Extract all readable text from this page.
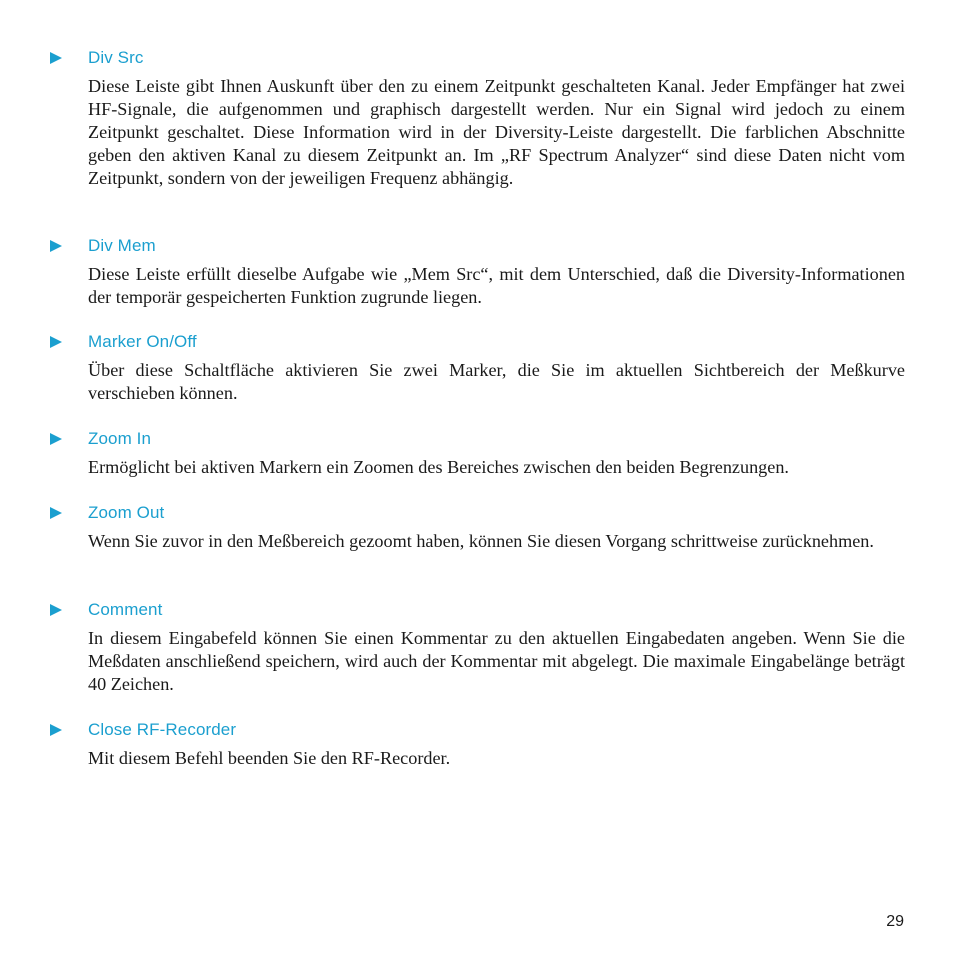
Div Src
Diese Leiste gibt Ihnen Auskunft über den zu einem Zeitpunkt geschalteten Kanal. Jeder Empfänger hat zwei HF-Signale, die aufgenommen und graphisch dargestellt werden. Nur ein Signal wird jedoch zu einem Zeitpunkt geschaltet. Diese Information wird in der Diversity-Leiste dargestellt. Die farblichen Abschnitte geben den aktiven Kanal zu diesem Zeitpunkt an. Im „RF Spectrum Analyzer“ sind diese Daten nicht vom Zeitpunkt, sondern von der jeweiligen Frequenz abhängig.
Div Mem
Diese Leiste erfüllt dieselbe Aufgabe wie „Mem Src“, mit dem Unterschied, daß die Diversity-Informationen der temporär gespeicherten Funktion zugrunde liegen.
Marker On/Off
Über diese Schaltfläche aktivieren Sie zwei Marker, die Sie im aktuellen Sichtbereich der Meßkurve verschieben können.
Zoom In
Ermöglicht bei aktiven Markern ein Zoomen des Bereiches zwischen den beiden Begrenzungen.
Zoom Out
Wenn Sie zuvor in den Meßbereich gezoomt haben, können Sie diesen Vorgang schrittweise zurücknehmen.
Comment
In diesem Eingabefeld können Sie einen Kommentar zu den aktuellen Eingabedaten angeben. Wenn Sie die Meßdaten anschließend speichern, wird auch der Kommentar mit abgelegt. Die maximale Eingabelänge beträgt 40 Zeichen.
Close RF-Recorder
Mit diesem Befehl beenden Sie den RF-Recorder.
29
